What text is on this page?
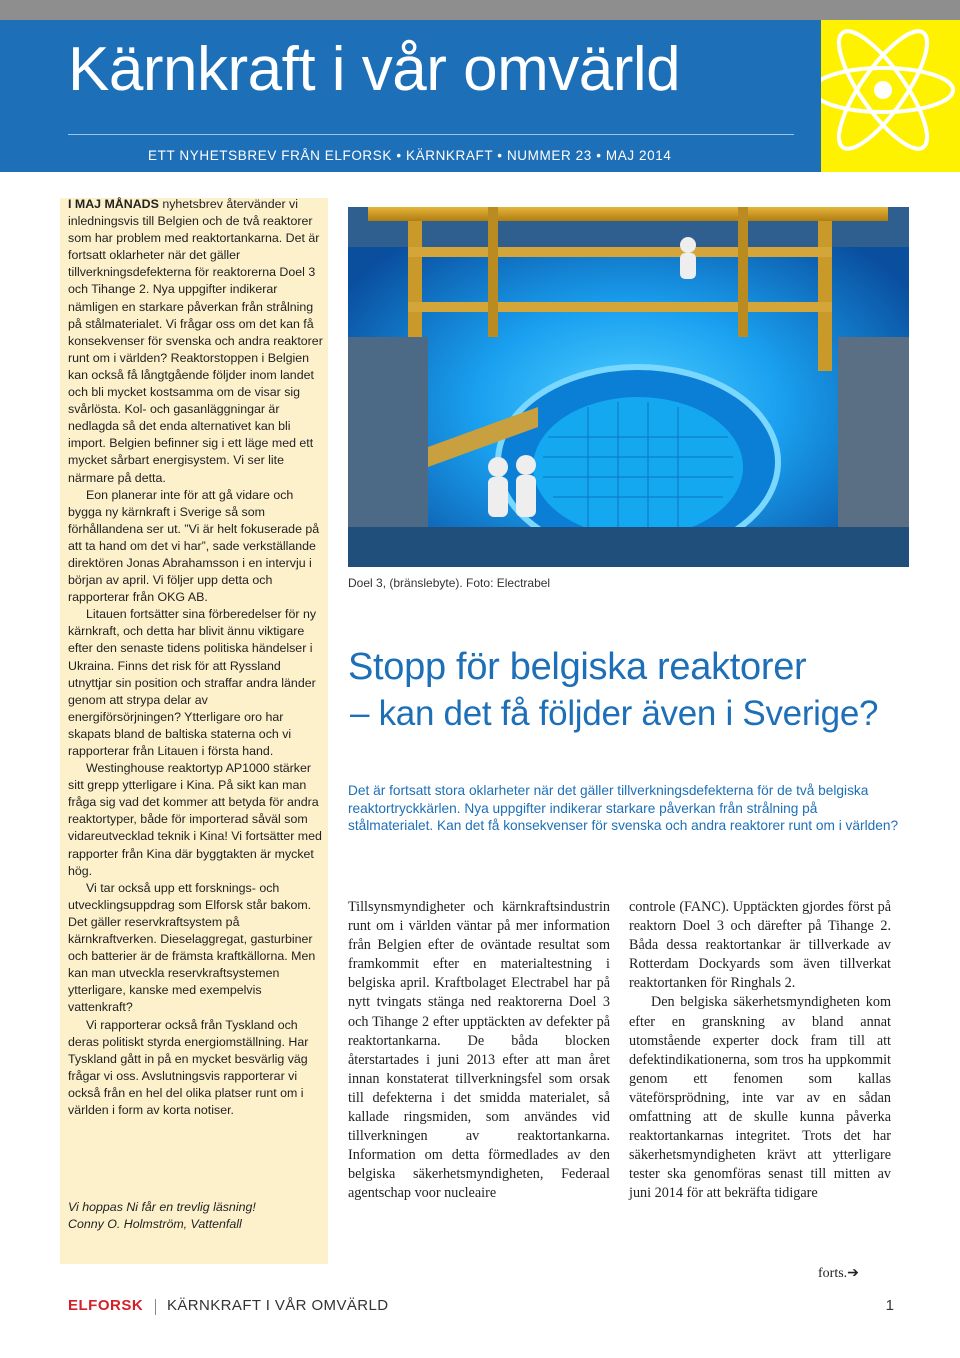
Kärnkraft i vår omvärld
ETT NYHETSBREV FRÅN ELFORSK • KÄRNKRAFT • NUMMER 23 • MAJ 2014

I MAJ MÅNADS nyhetsbrev återvänder vi inledningsvis till Belgien och de två reaktorer som har problem med reaktortankarna. Det är fortsatt oklarheter när det gäller tillverkningsdefekterna för reaktorerna Doel 3 och Tihange 2. Nya uppgifter indikerar nämligen en starkare påverkan från strålning på stålmaterialet. Vi frågar oss om det kan få konsekvenser för svenska och andra reaktorer runt om i världen? Reaktorstoppen i Belgien kan också få långtgående följder inom landet och bli mycket kostsamma om de visar sig svårlösta. Kol- och gasanläggningar är nedlagda så det enda alternativet kan bli import. Belgien befinner sig i ett läge med ett mycket sårbart energisystem. Vi ser lite närmare på detta.

Eon planerar inte för att gå vidare och bygga ny kärnkraft i Sverige så som förhållandena ser ut. ”Vi är helt fokuserade på att ta hand om det vi har”, sade verkställande direktören Jonas Abrahamsson i en intervju i början av april. Vi följer upp detta och rapporterar från OKG AB.

Litauen fortsätter sina förberedelser för ny kärnkraft, och detta har blivit ännu viktigare efter den senaste tidens politiska händelser i Ukraina. Finns det risk för att Ryssland utnyttjar sin position och straffar andra länder genom att strypa delar av energiförsörjningen? Ytterligare oro har skapats bland de baltiska staterna och vi rapporterar från Litauen i första hand.

Westinghouse reaktortyp AP1000 stärker sitt grepp ytterligare i Kina. På sikt kan man fråga sig vad det kommer att betyda för andra reaktortyper, både för importerad såväl som vidareutvecklad teknik i Kina! Vi fortsätter med rapporter från Kina där byggtakten är mycket hög.

Vi tar också upp ett forsknings- och utvecklingsuppdrag som Elforsk står bakom. Det gäller reservkraftsystem på kärnkraftverken. Dieselaggregat, gasturbiner och batterier är de främsta kraftkällorna. Men kan man utveckla reservkraftsystemen ytterligare, kanske med exempelvis vattenkraft?

Vi rapporterar också från Tyskland och deras politiskt styrda energiomställning. Har Tyskland gått in på en mycket besvärlig väg frågar vi oss. Avslutningsvis rapporterar vi också från en hel del olika platser runt om i världen i form av korta notiser.

Vi hoppas Ni får en trevlig läsning!
Conny O. Holmström, Vattenfall
Doel 3, (bränslebyte). Foto: Electrabel
Stopp för belgiska reaktorer
– kan det få följder även i Sverige?
Det är fortsatt stora oklarheter när det gäller tillverkningsdefekterna för de två belgiska reaktortryckkärlen. Nya uppgifter indikerar starkare påverkan från strålning på stålmaterialet. Kan det få konsekvenser för svenska och andra reaktorer runt om i världen?

Tillsynsmyndigheter och kärnkraftsindustrin runt om i världen väntar på mer information från Belgien efter de oväntade resultat som framkommit efter en materialtestning i belgiska april. Kraftbolaget Electrabel har på nytt tvingats stänga ned reaktorerna Doel 3 och Tihange 2 efter upptäckten av defekter på reaktortankarna. De båda blocken återstartades i juni 2013 efter att man året innan konstaterat tillverkningsfel som orsak till defekterna i det smidda materialet, så kallade ringsmiden, som användes vid tillverkningen av reaktortankarna. Information om detta förmedlades av den belgiska säkerhetsmyndigheten, Federaal agentschap voor nucleaire

controle (FANC). Upptäckten gjordes först på reaktorn Doel 3 och därefter på Tihange 2. Båda dessa reaktortankar är tillverkade av Rotterdam Dockyards som även tillverkat reaktortanken för Ringhals 2.

Den belgiska säkerhetsmyndigheten kom efter en granskning av bland annat utomstående experter dock fram till att defektindikationerna, som tros ha uppkommit genom ett fenomen som kallas väteförsprödning, inte var av en sådan omfattning att de skulle kunna påverka reaktortankarnas integritet. Trots det har säkerhetsmyndigheten krävt att ytterligare tester ska genomföras senast till mitten av juni 2014 för att bekräfta tidigare

forts.➔
ELFORSK KÄRNKRAFT I VÅR OMVÄRLD	1
